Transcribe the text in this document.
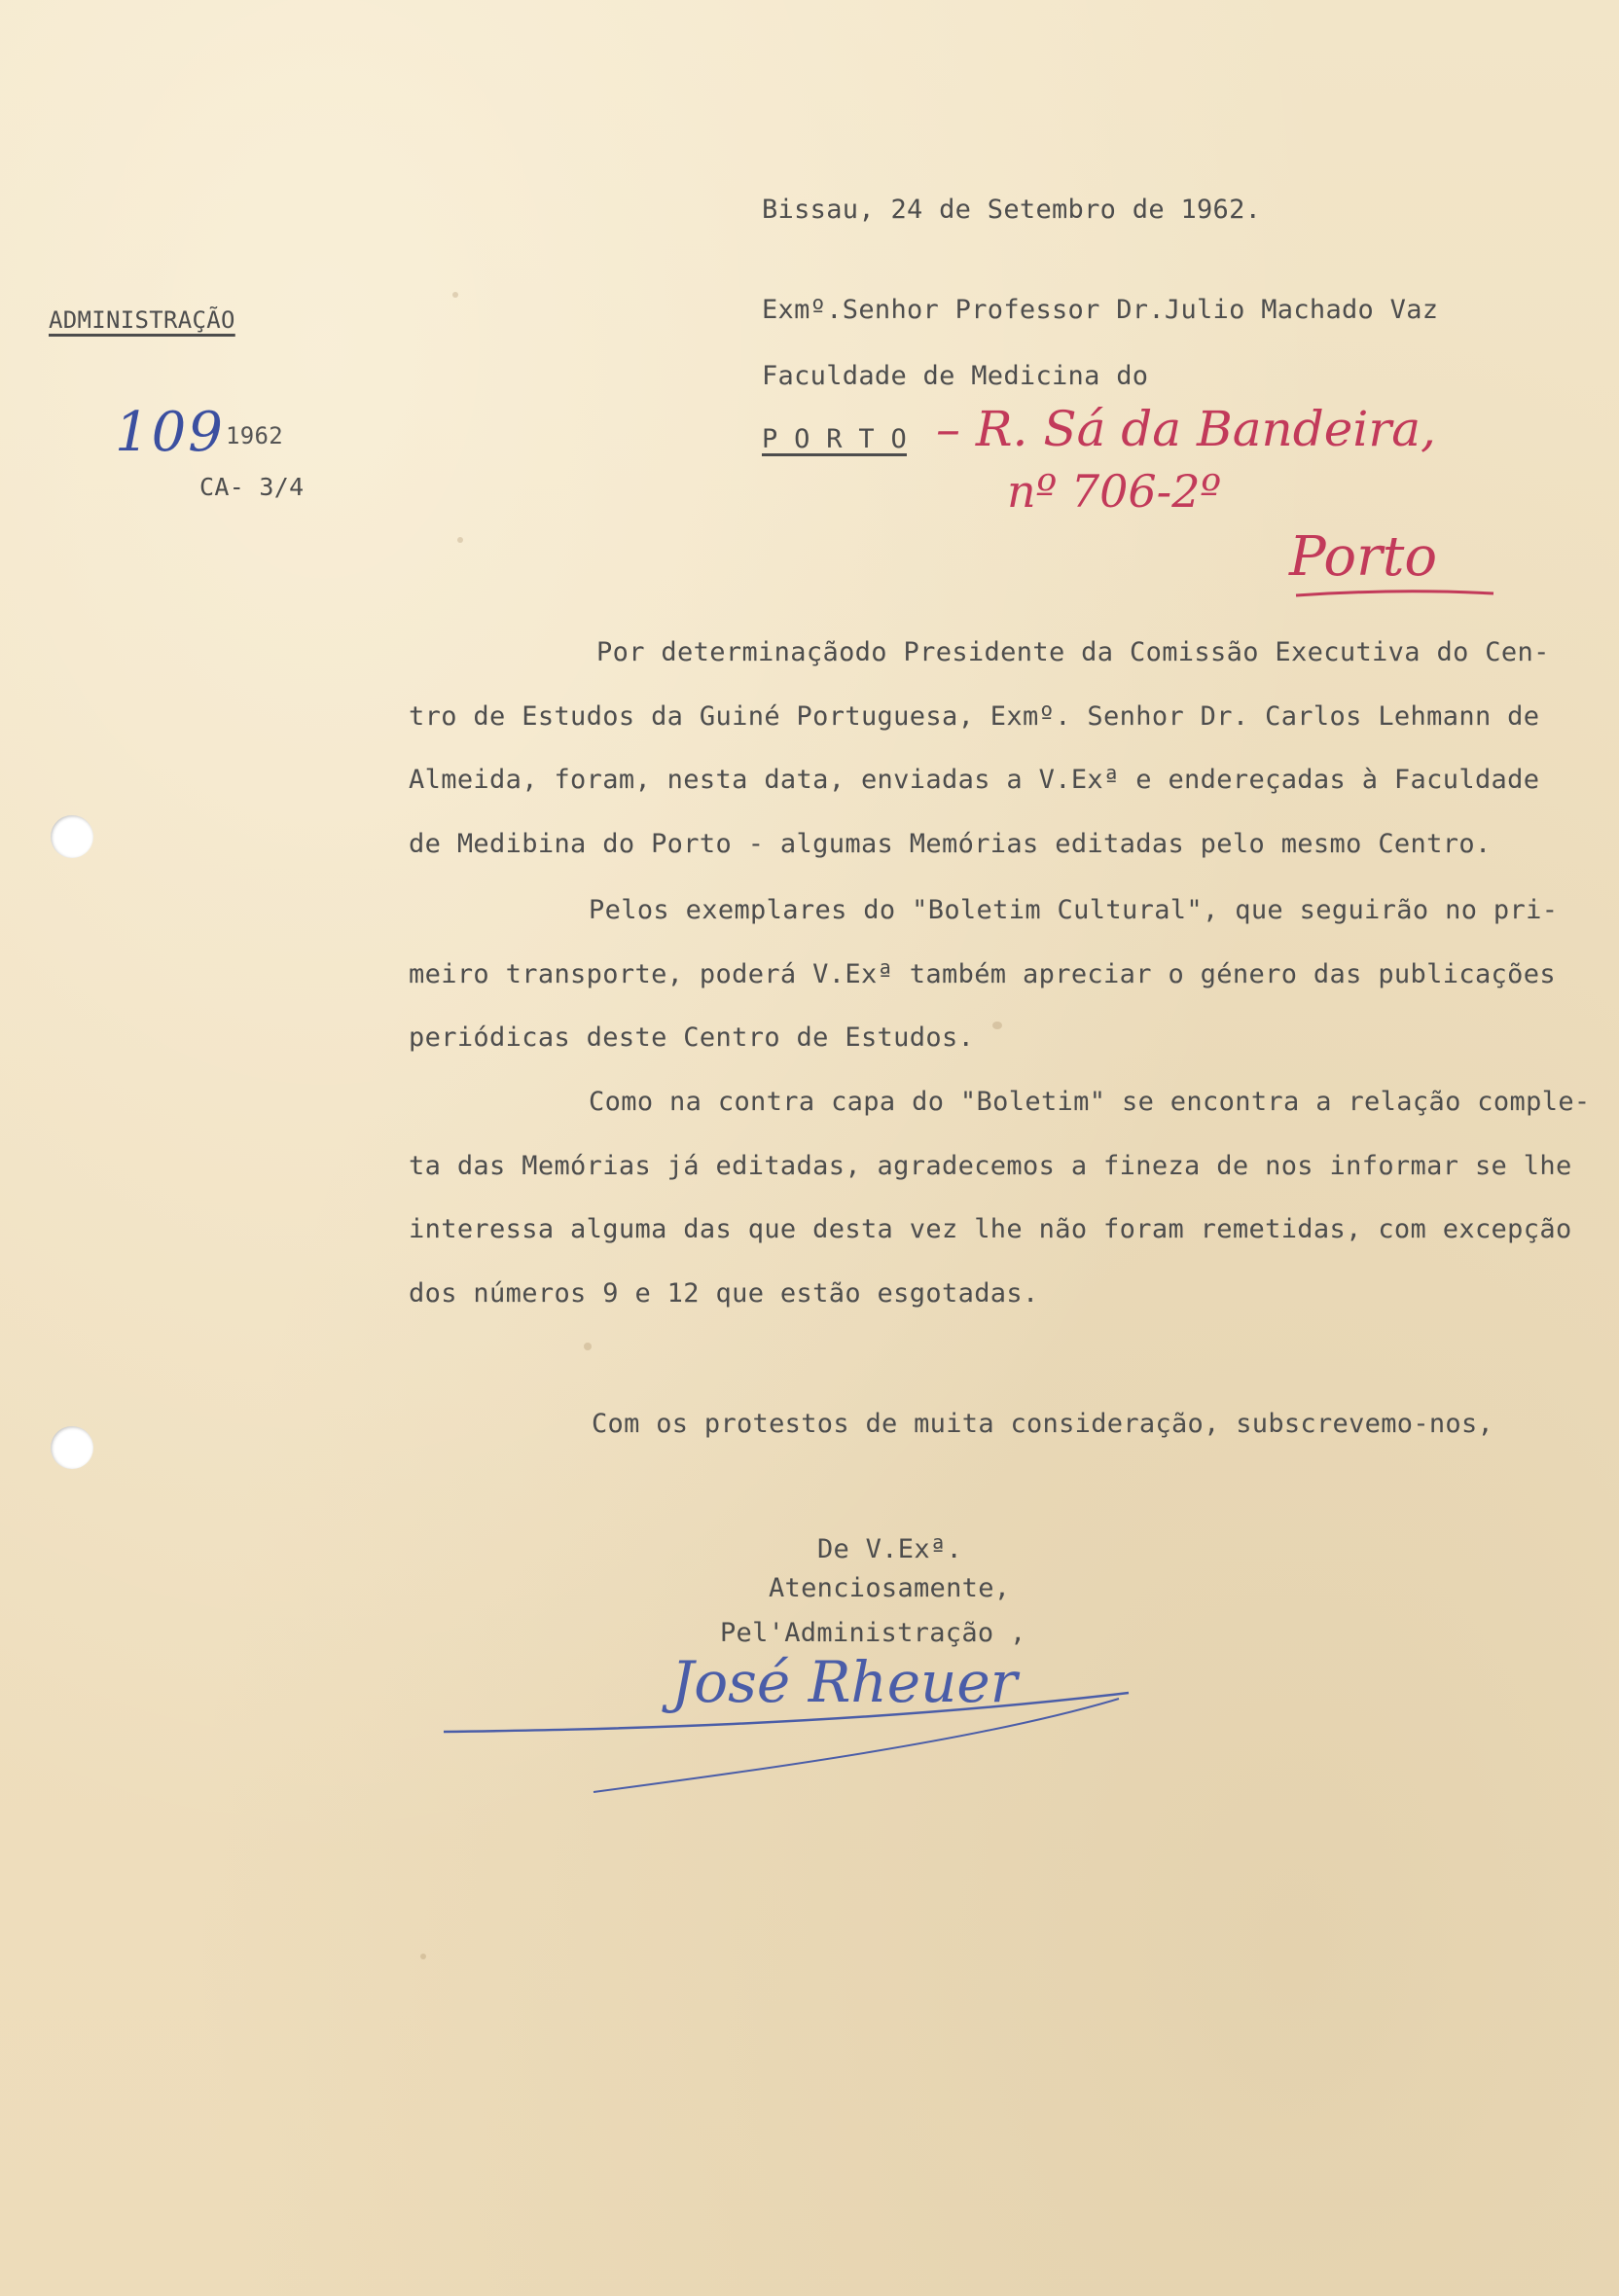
Bissau, 24 de Setembro de 1962.
ADMINISTRAÇÃO
109 1962
CA- 3/4
Exmº.Senhor Professor Dr.Julio Machado Vaz
Faculdade de Medicina do
P O R T O – R. Sá da Bandeira,
nº 706-2º
Porto
Por determinaçãodo Presidente da Comissão Executiva do Cen-
tro de Estudos da Guiné Portuguesa, Exmº. Senhor Dr. Carlos Lehmann de
Almeida, foram, nesta data, enviadas a V.Exª e endereçadas à Faculdade
de Medibina do Porto - algumas Memórias editadas pelo mesmo Centro.
Pelos exemplares do "Boletim Cultural", que seguirão no pri-
meiro transporte, poderá V.Exª também apreciar o género das publicações
periódicas deste Centro de Estudos.
Como na contra capa do "Boletim" se encontra a relação comple-
ta das Memórias já editadas, agradecemos a fineza de nos informar se lhe
interessa alguma das que desta vez lhe não foram remetidas, com excepção
dos números 9 e 12 que estão esgotadas.
Com os protestos de muita consideração, subscrevemo-nos,
De V.Exª.
Atenciosamente,
Pel'Administração ,
José Rheuer
